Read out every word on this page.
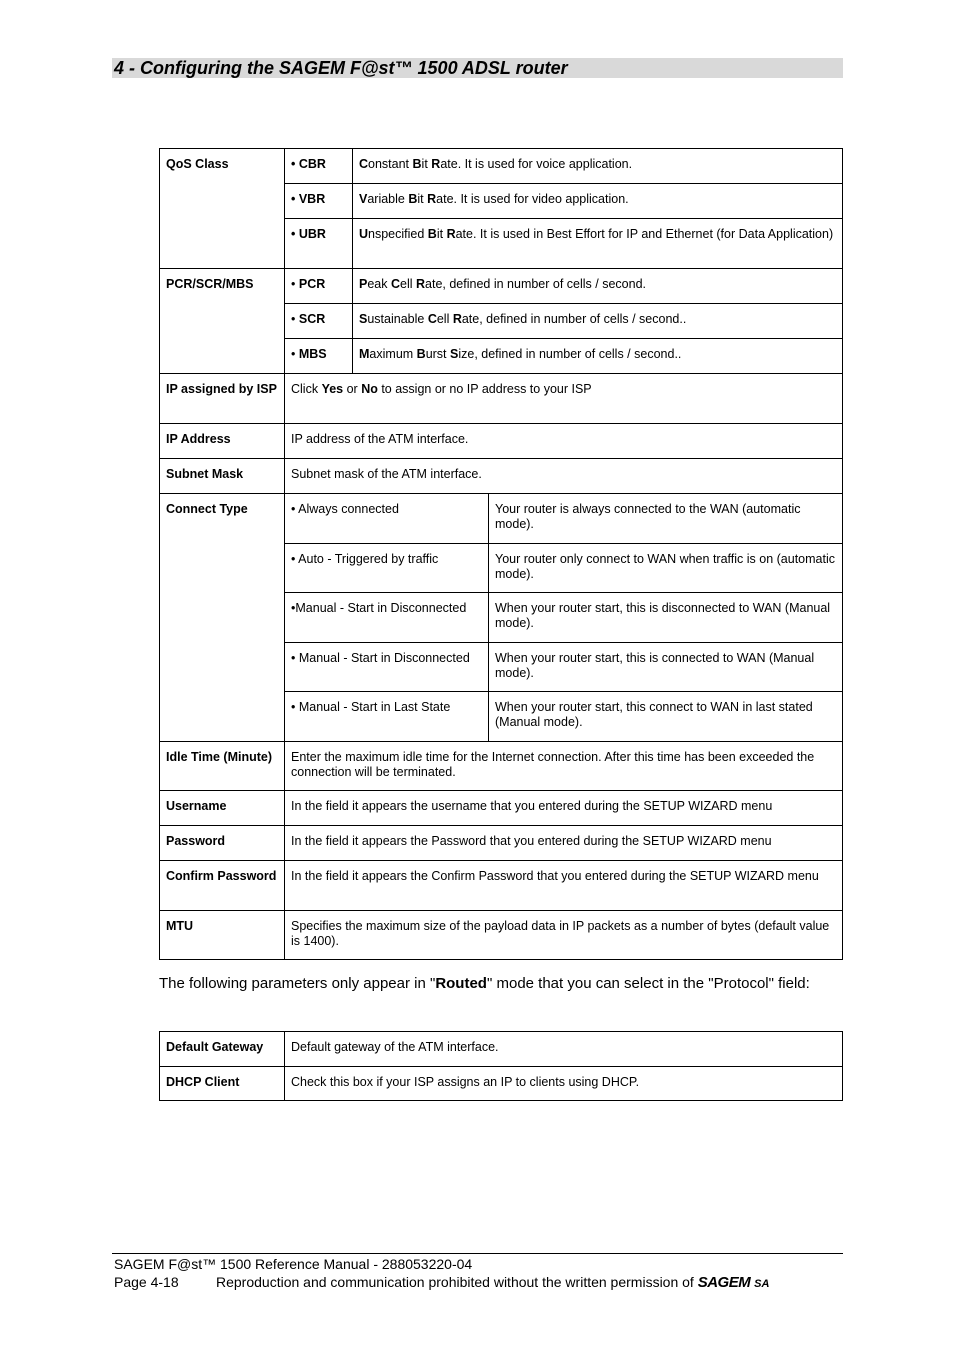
4 - Configuring the SAGEM F@st™ 1500 ADSL router
QoS Class	• CBR	Constant Bit Rate. It is used for voice application.	
	• VBR	Variable Bit Rate. It is used for video application.	
	• UBR	Unspecified Bit Rate. It is used in Best Effort for IP and Ethernet (for Data Application)	
PCR/SCR/MBS	• PCR	Peak Cell Rate, defined in number of cells / second.	
	• SCR	Sustainable Cell Rate, defined in number of cells / second..	
	• MBS	Maximum Burst Size, defined in number of cells / second..	
IP assigned by ISP	Click Yes or No to assign or no IP address to your ISP		
IP Address	IP address of the ATM interface.		
Subnet Mask	Subnet mask of the ATM interface.		
Connect Type	• Always connected		Your router is always connected to the WAN (automatic mode).
	• Auto - Triggered by traffic		Your router only connect to WAN when traffic is on (automatic mode).
	•Manual - Start in Disconnected		When your router start, this is disconnected to WAN (Manual mode).
	• Manual - Start in Disconnected		When your router start, this is connected to WAN (Manual mode).
	• Manual - Start in Last State		When your router start, this connect to WAN in last stated (Manual mode).
Idle Time (Minute)	Enter the maximum idle time for the Internet connection. After this time has been exceeded the connection will be terminated.		
Username	In the field it appears the username that you entered during the SETUP WIZARD menu		
Password	In the field it appears the Password that you entered during the SETUP WIZARD menu		
Confirm Password	In the field it appears the Confirm Password that you entered during the SETUP WIZARD menu		
MTU	Specifies the maximum size of the payload data in IP packets as a number of bytes (default value is 1400).		

The following parameters only appear in "Routed" mode that you can select in the "Protocol" field:

Default Gateway	Default gateway of the ATM interface.
DHCP Client	Check this box if your ISP assigns an IP to clients using DHCP.
SAGEM F@st™ 1500 Reference Manual - 288053220-04
Page 4-18	Reproduction and communication prohibited without the written permission of SAGEM SA
